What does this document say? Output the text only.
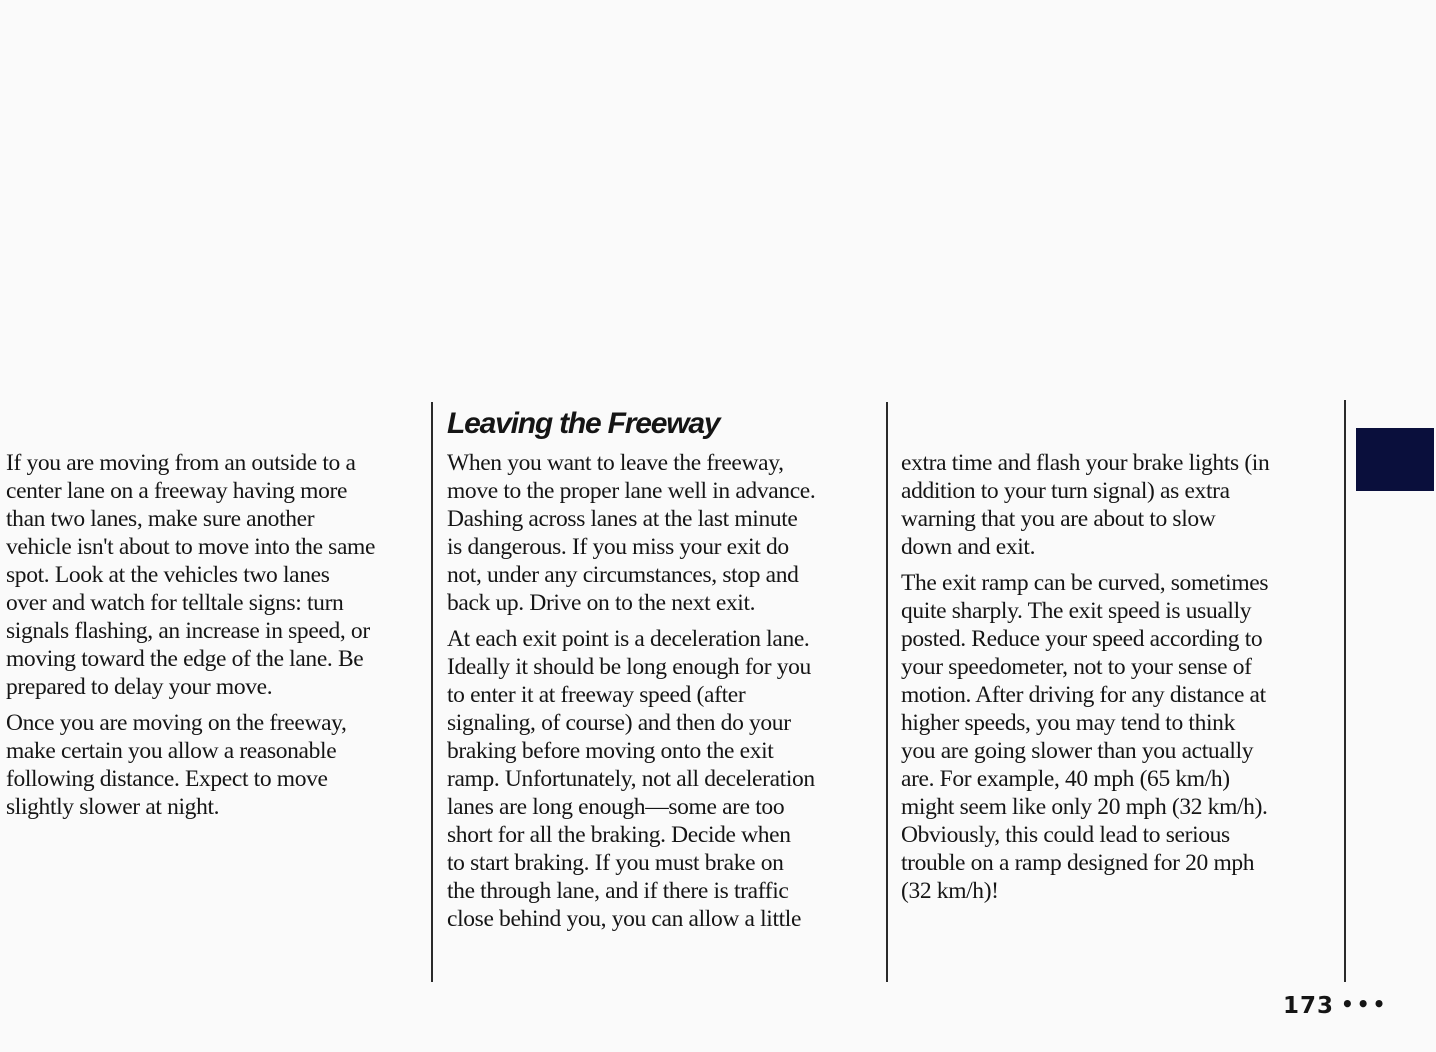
Leaving the Freeway

If you are moving from an outside to a
center lane on a freeway having more
than two lanes, make sure another
vehicle isn't about to move into the same
spot. Look at the vehicles two lanes
over and watch for telltale signs: turn
signals flashing, an increase in speed, or
moving toward the edge of the lane. Be
prepared to delay your move.

Once you are moving on the freeway,
make certain you allow a reasonable
following distance. Expect to move
slightly slower at night.

When you want to leave the freeway,
move to the proper lane well in advance.
Dashing across lanes at the last minute
is dangerous. If you miss your exit do
not, under any circumstances, stop and
back up. Drive on to the next exit.

At each exit point is a deceleration lane.
Ideally it should be long enough for you
to enter it at freeway speed (after
signaling, of course) and then do your
braking before moving onto the exit
ramp. Unfortunately, not all deceleration
lanes are long enough—some are too
short for all the braking. Decide when
to start braking. If you must brake on
the through lane, and if there is traffic
close behind you, you can allow a little

extra time and flash your brake lights (in
addition to your turn signal) as extra
warning that you are about to slow
down and exit.

The exit ramp can be curved, sometimes
quite sharply. The exit speed is usually
posted. Reduce your speed according to
your speedometer, not to your sense of
motion. After driving for any distance at
higher speeds, you may tend to think
you are going slower than you actually
are. For example, 40 mph (65 km/h)
might seem like only 20 mph (32 km/h).
Obviously, this could lead to serious
trouble on a ramp designed for 20 mph
(32 km/h)!

173 •••
